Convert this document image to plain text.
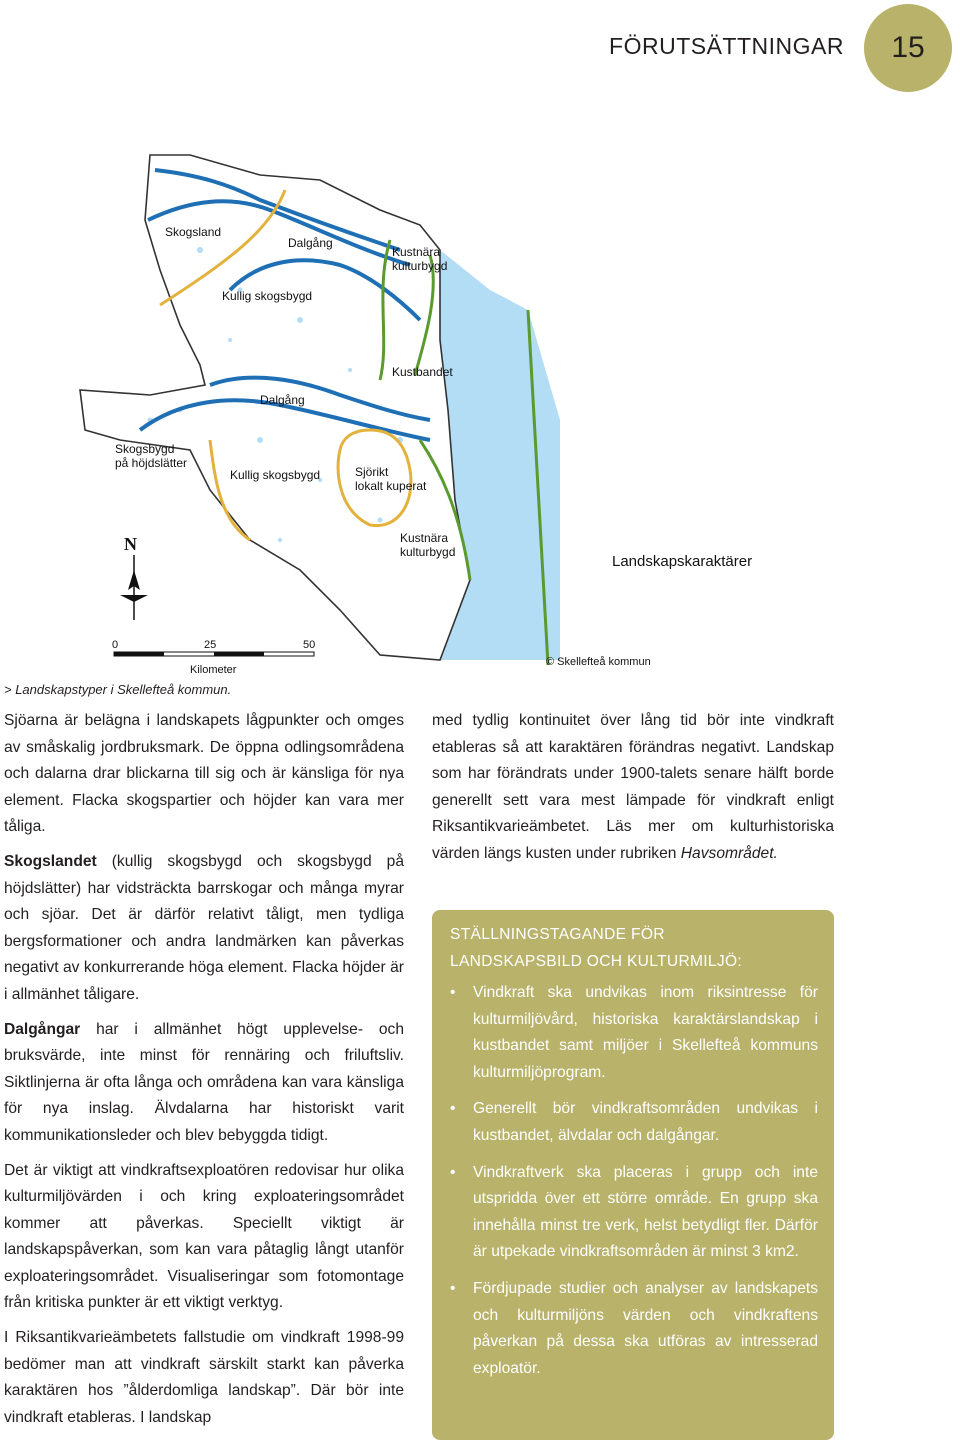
FÖRUTSÄTTNINGAR	15
Skogsland
Dalgång
Kustnära
kulturbygd
Kullig skogsbygd
Kustbandet
Dalgång
Skogsbygd
på höjdslätter
Kullig skogsbygd	Sjörikt
lokalt kuperat
Kustnära
kulturbygd
Landskapskaraktärer
N
0	25	50
Kilometer
© Skellefteå kommun
> Landskapstyper i Skellefteå kommun.

Sjöarna är belägna i landskapets lågpunkter och omges av småskalig jordbruksmark. De öppna odlingsområdena och dalarna drar blickarna till sig och är känsliga för nya element. Flacka skogspartier och höjder kan vara mer tåliga.

Skogslandet (kullig skogsbygd och skogsbygd på höjdslätter) har vidsträckta barrskogar och många myrar och sjöar. Det är därför relativt tåligt, men tydliga bergsformationer och andra landmärken kan påverkas negativt av konkurrerande höga element. Flacka höjder är i allmänhet tåligare.

Dalgångar har i allmänhet högt upplevelse- och bruksvärde, inte minst för rennäring och friluftsliv. Siktlinjerna är ofta långa och områdena kan vara känsliga för nya inslag. Älvdalarna har historiskt varit kommunikationsleder och blev bebyggda tidigt.

Det är viktigt att vindkraftsexploatören redovisar hur olika kulturmiljövärden i och kring exploateringsområdet kommer att påverkas. Speciellt viktigt är landskapspåverkan, som kan vara påtaglig långt utanför exploateringsområdet. Visualiseringar som fotomontage från kritiska punkter är ett viktigt verktyg.

I Riksantikvarieämbetets fallstudie om vindkraft 1998-99 bedömer man att vindkraft särskilt starkt kan påverka karaktären hos ”ålderdomliga landskap”. Där bör inte vindkraft etableras. I landskap

med tydlig kontinuitet över lång tid bör inte vindkraft etableras så att karaktären förändras negativt. Landskap som har förändrats under 1900-talets senare hälft borde generellt sett vara mest lämpade för vindkraft enligt Riksantikvarieämbetet. Läs mer om kulturhistoriska värden längs kusten under rubriken Havsområdet.

STÄLLNINGSTAGANDE FÖR
LANDSKAPSBILD OCH KULTURMILJÖ:
• Vindkraft ska undvikas inom riksintresse för kulturmiljövård, historiska karaktärslandskap i kustbandet samt miljöer i Skellefteå kommuns kulturmiljöprogram.
• Generellt bör vindkraftsområden undvikas i kustbandet, älvdalar och dalgångar.
• Vindkraftverk ska placeras i grupp och inte utspridda över ett större område. En grupp ska innehålla minst tre verk, helst betydligt fler. Därför är utpekade vindkraftsområden är minst 3 km2.
• Fördjupade studier och analyser av landskapets och kulturmiljöns värden och vindkraftens påverkan på dessa ska utföras av intresserad exploatör.
